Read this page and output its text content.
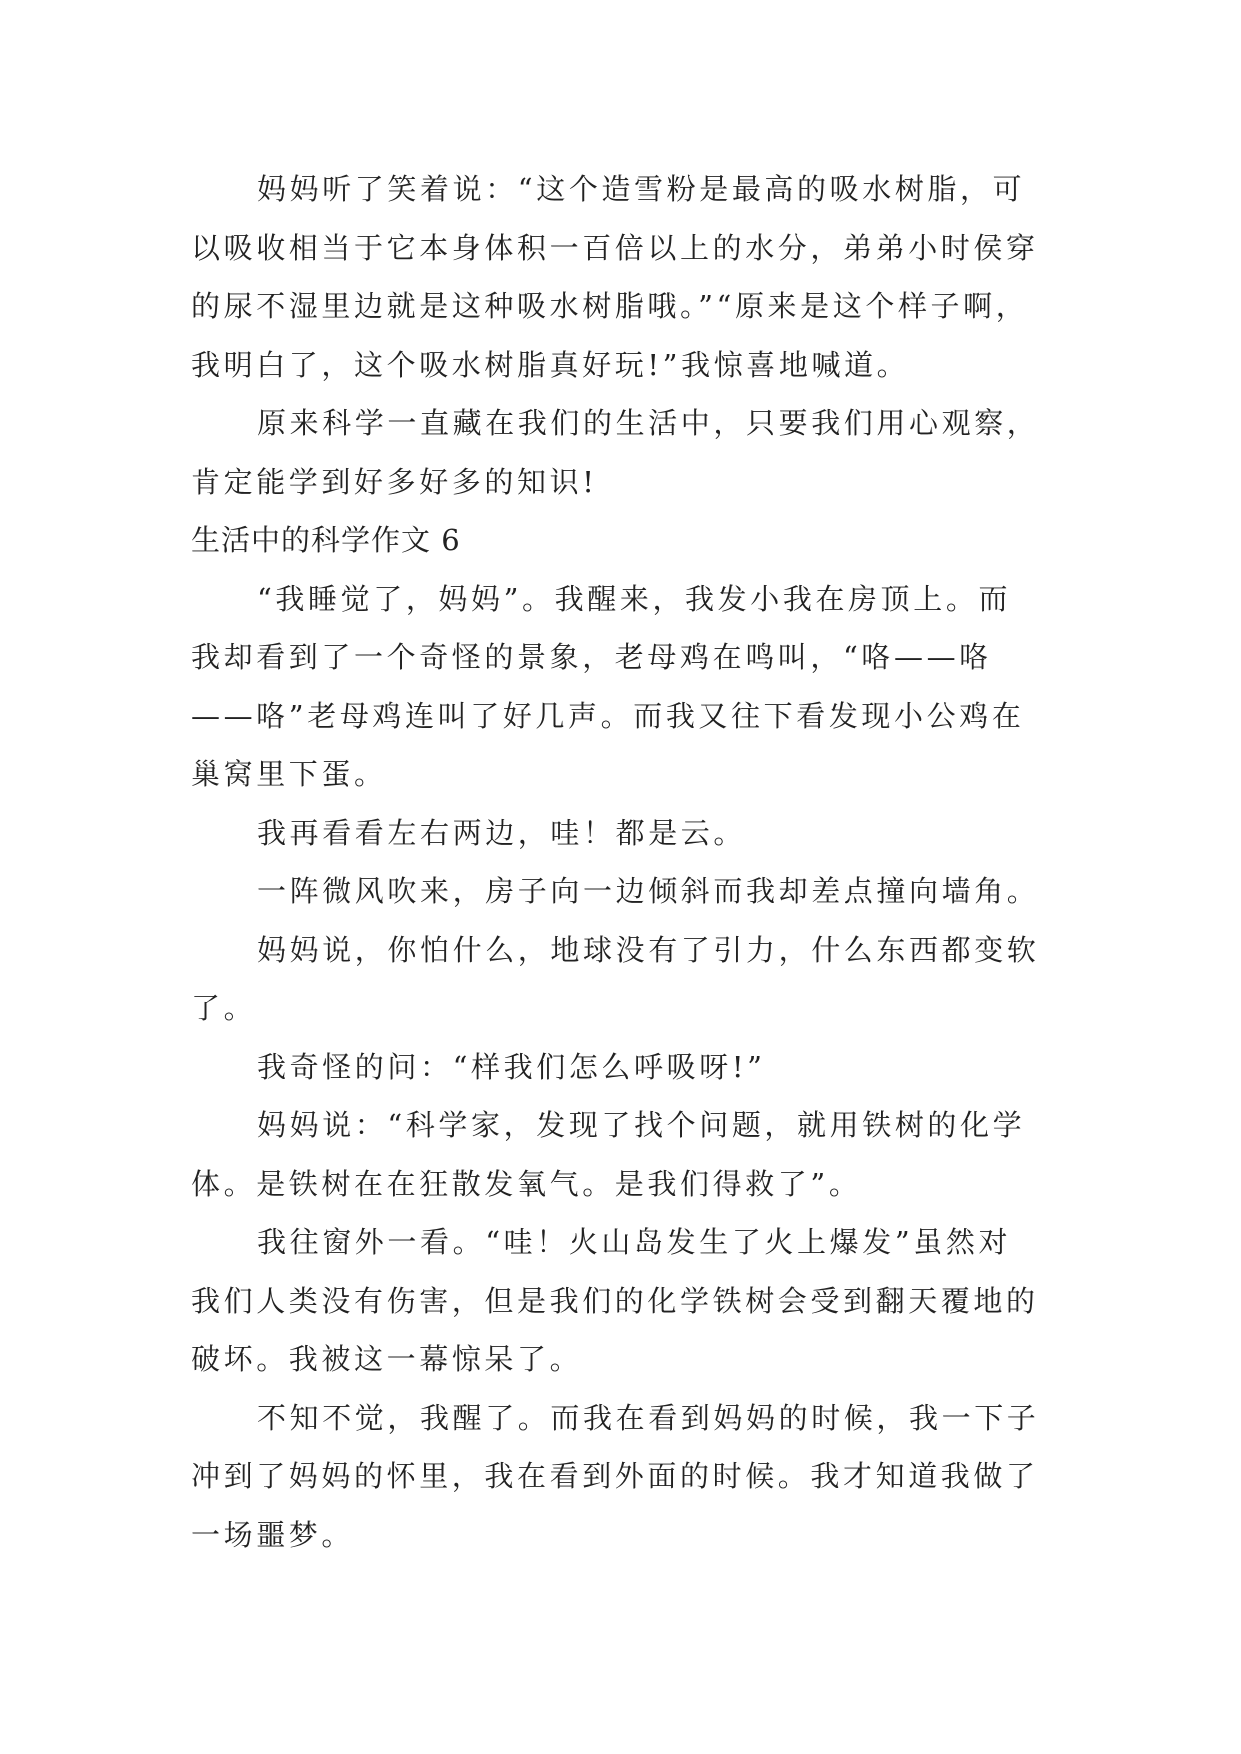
妈妈听了笑着说：“这个造雪粉是最高的吸水树脂，可
以吸收相当于它本身体积一百倍以上的水分，弟弟小时侯穿
的尿不湿里边就是这种吸水树脂哦。”“原来是这个样子啊，
我明白了，这个吸水树脂真好玩!”我惊喜地喊道。
原来科学一直藏在我们的生活中，只要我们用心观察，
肯定能学到好多好多的知识!
生活中的科学作文 6
“我睡觉了，妈妈”。我醒来，我发小我在房顶上。而
我却看到了一个奇怪的景象，老母鸡在鸣叫，“咯——咯
——咯”老母鸡连叫了好几声。而我又往下看发现小公鸡在
巢窝里下蛋。
我再看看左右两边，哇！都是云。
一阵微风吹来，房子向一边倾斜而我却差点撞向墙角。
妈妈说，你怕什么，地球没有了引力，什么东西都变软
了。
我奇怪的问：“样我们怎么呼吸呀!”
妈妈说：“科学家，发现了找个问题，就用铁树的化学
体。是铁树在在狂散发氧气。是我们得救了”。
我往窗外一看。“哇！火山岛发生了火上爆发”虽然对
我们人类没有伤害，但是我们的化学铁树会受到翻天覆地的
破坏。我被这一幕惊呆了。
不知不觉，我醒了。而我在看到妈妈的时候，我一下子
冲到了妈妈的怀里，我在看到外面的时候。我才知道我做了
一场噩梦。
